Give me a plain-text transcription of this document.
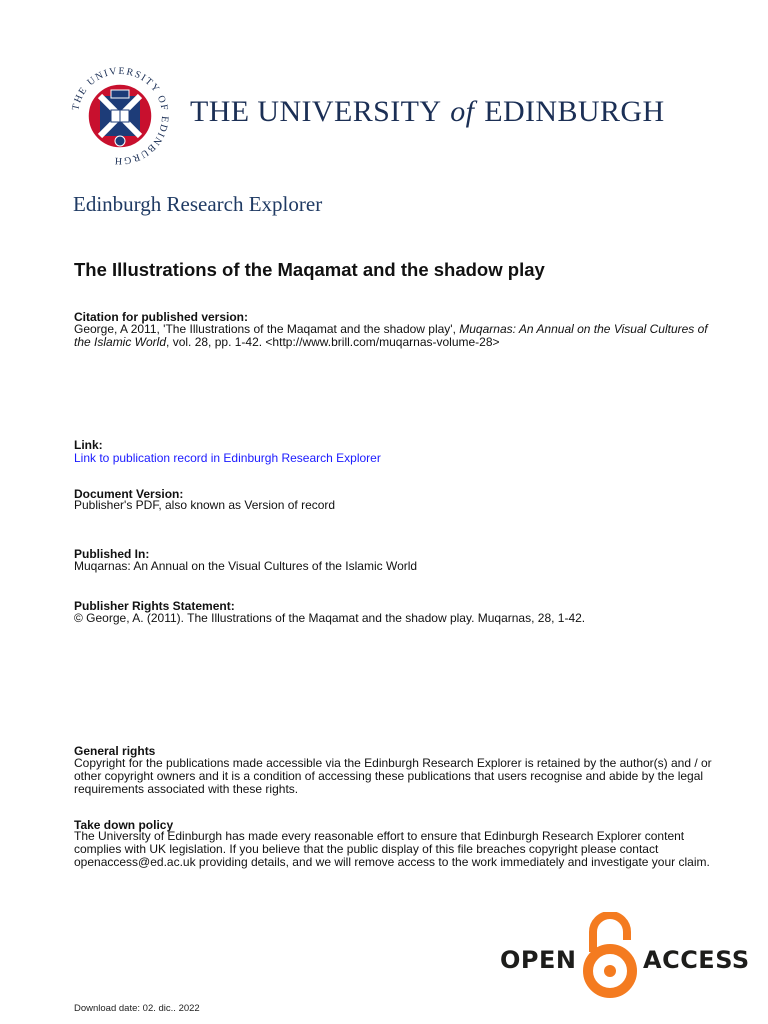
THE UNIVERSITY OF EDINBURGH
THE UNIVERSITY of EDINBURGH
Edinburgh Research Explorer
The Illustrations of the Maqamat and the shadow play
Citation for published version:
George, A 2011, 'The Illustrations of the Maqamat and the shadow play', Muqarnas: An Annual on the Visual Cultures of the Islamic World, vol. 28, pp. 1-42. <http://www.brill.com/muqarnas-volume-28>
Link:
Link to publication record in Edinburgh Research Explorer
Document Version:
Publisher's PDF, also known as Version of record
Published In:
Muqarnas: An Annual on the Visual Cultures of the Islamic World
Publisher Rights Statement:
© George, A. (2011). The Illustrations of the Maqamat and the shadow play. Muqarnas, 28, 1-42.
General rights
Copyright for the publications made accessible via the Edinburgh Research Explorer is retained by the author(s) and / or other copyright owners and it is a condition of accessing these publications that users recognise and abide by the legal requirements associated with these rights.
Take down policy
The University of Edinburgh has made every reasonable effort to ensure that Edinburgh Research Explorer content complies with UK legislation. If you believe that the public display of this file breaches copyright please contact openaccess@ed.ac.uk providing details, and we will remove access to the work immediately and investigate your claim.
OPEN	ACCESS
Download date: 02. dic.. 2022
